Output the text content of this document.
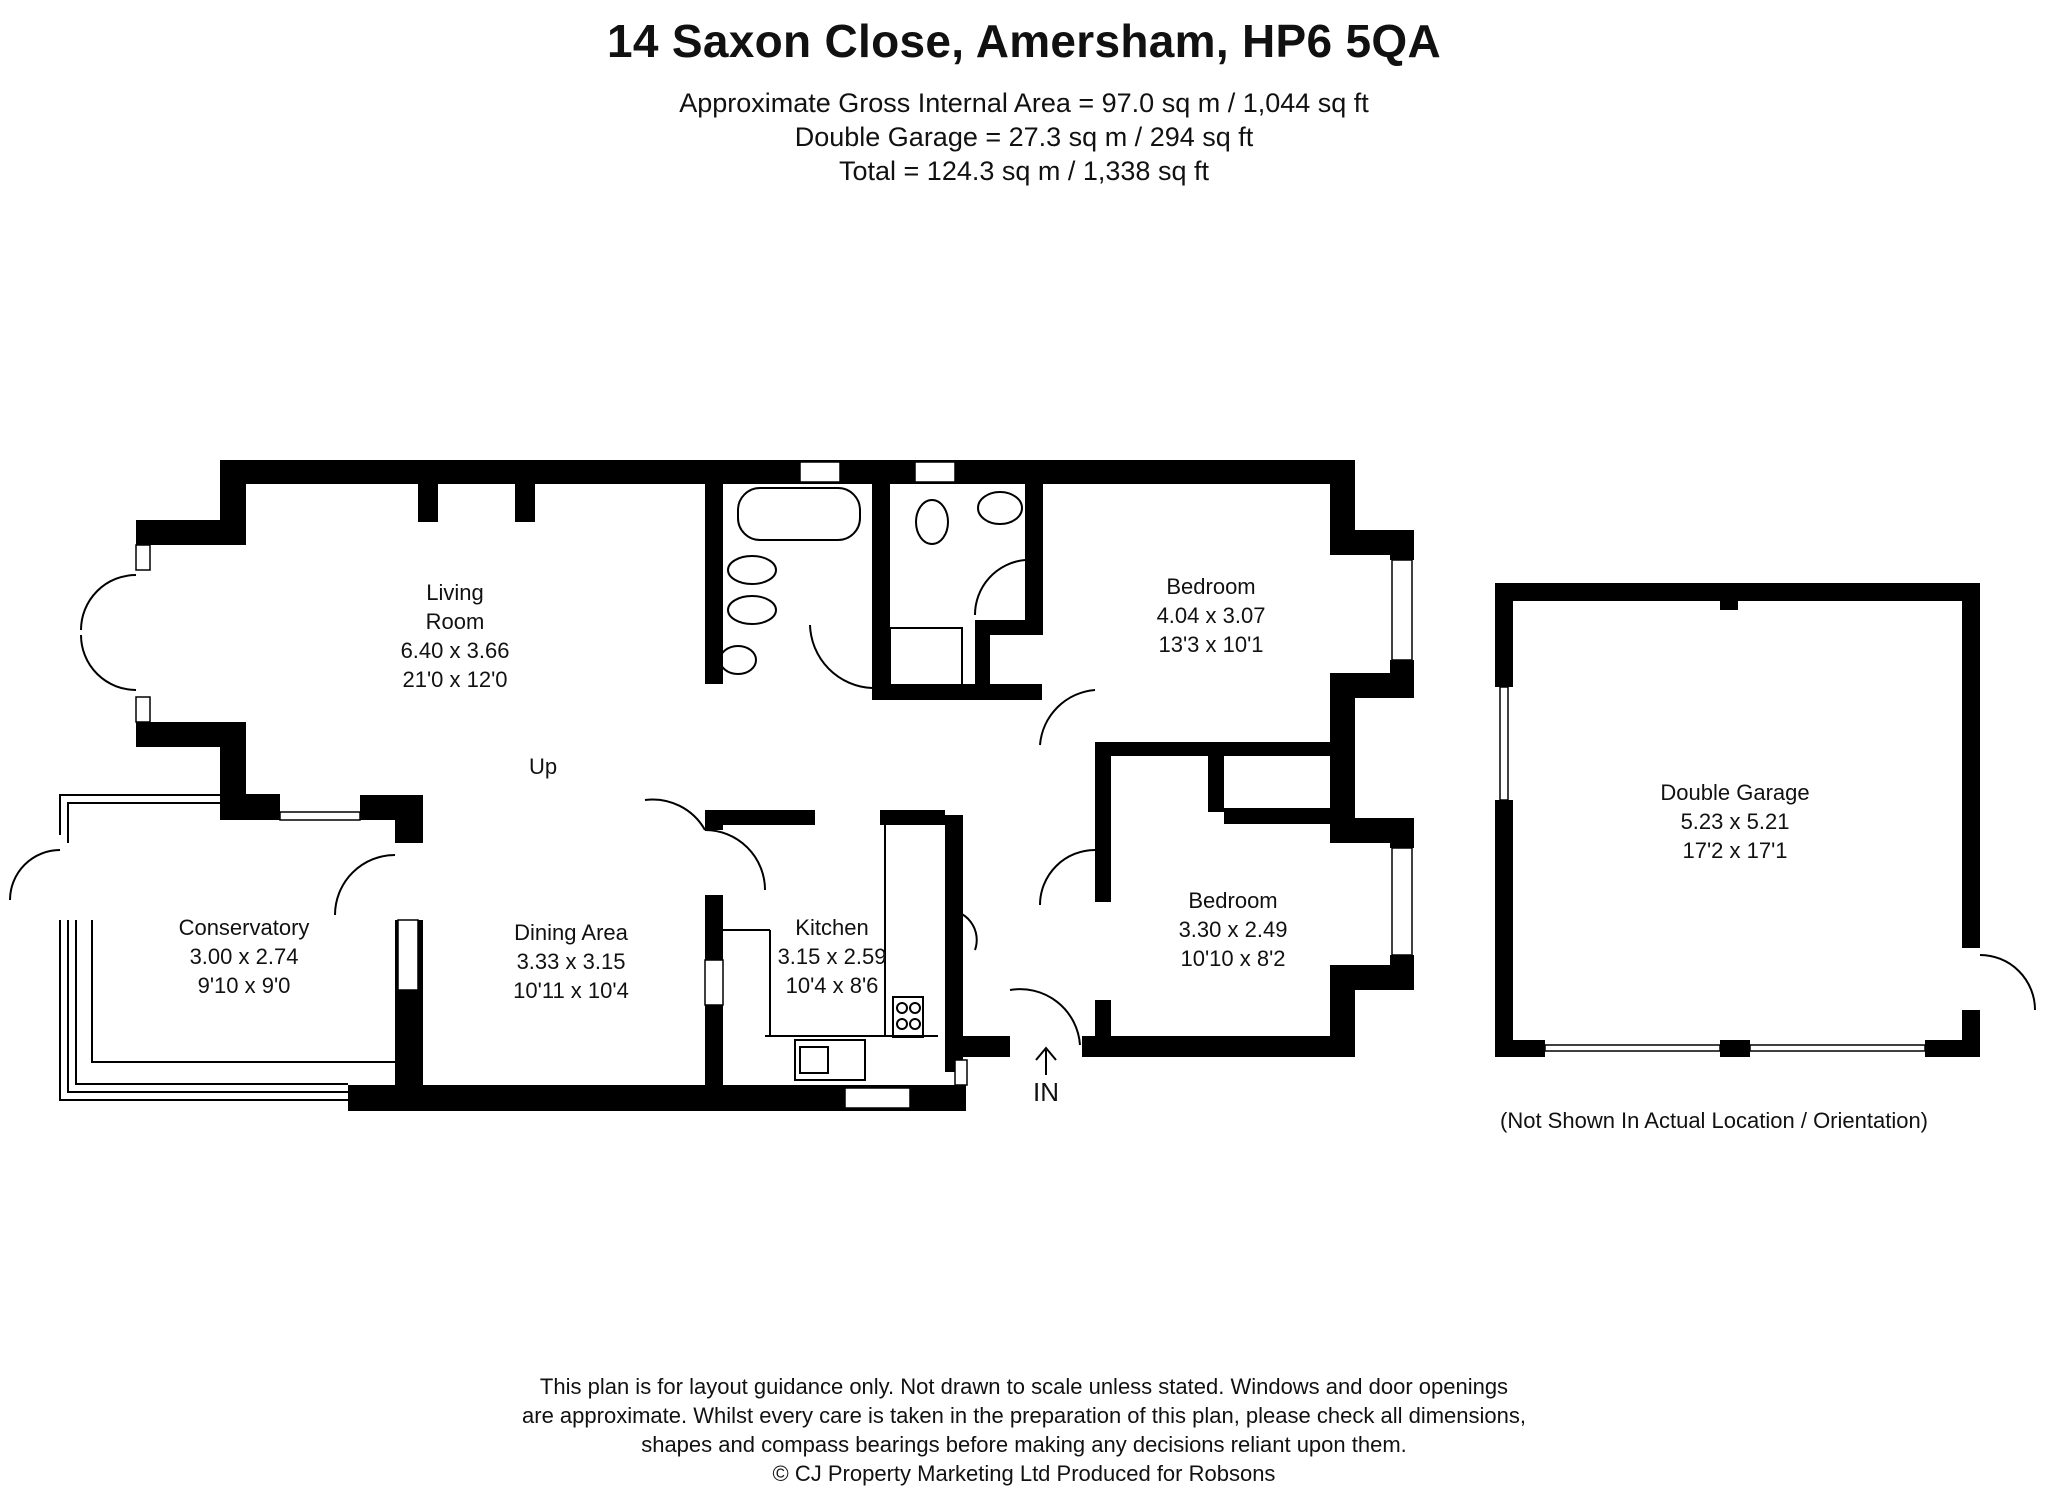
14 Saxon Close, Amersham, HP6 5QA
Approximate Gross Internal Area = 97.0 sq m / 1,044 sq ft
Double Garage = 27.3 sq m / 294 sq ft
Total = 124.3 sq m / 1,338 sq ft
Living
Room
6.40 x 3.66
21'0 x 12'0
Conservatory
3.00 x 2.74
9'10 x 9'0
Dining Area
3.33 x 3.15
10'11 x 10'4
Kitchen
3.15 x 2.59
10'4 x 8'6
Bedroom
4.04 x 3.07
13'3 x 10'1
Bedroom
3.30 x 2.49
10'10 x 8'2
Double Garage
5.23 x 5.21
17'2 x 17'1
Up
IN
(Not Shown In Actual Location / Orientation)
This plan is for layout guidance only. Not drawn to scale unless stated. Windows and door openings
are approximate. Whilst every care is taken in the preparation of this plan, please check all dimensions,
shapes and compass bearings before making any decisions reliant upon them.
© CJ Property Marketing Ltd Produced for Robsons
